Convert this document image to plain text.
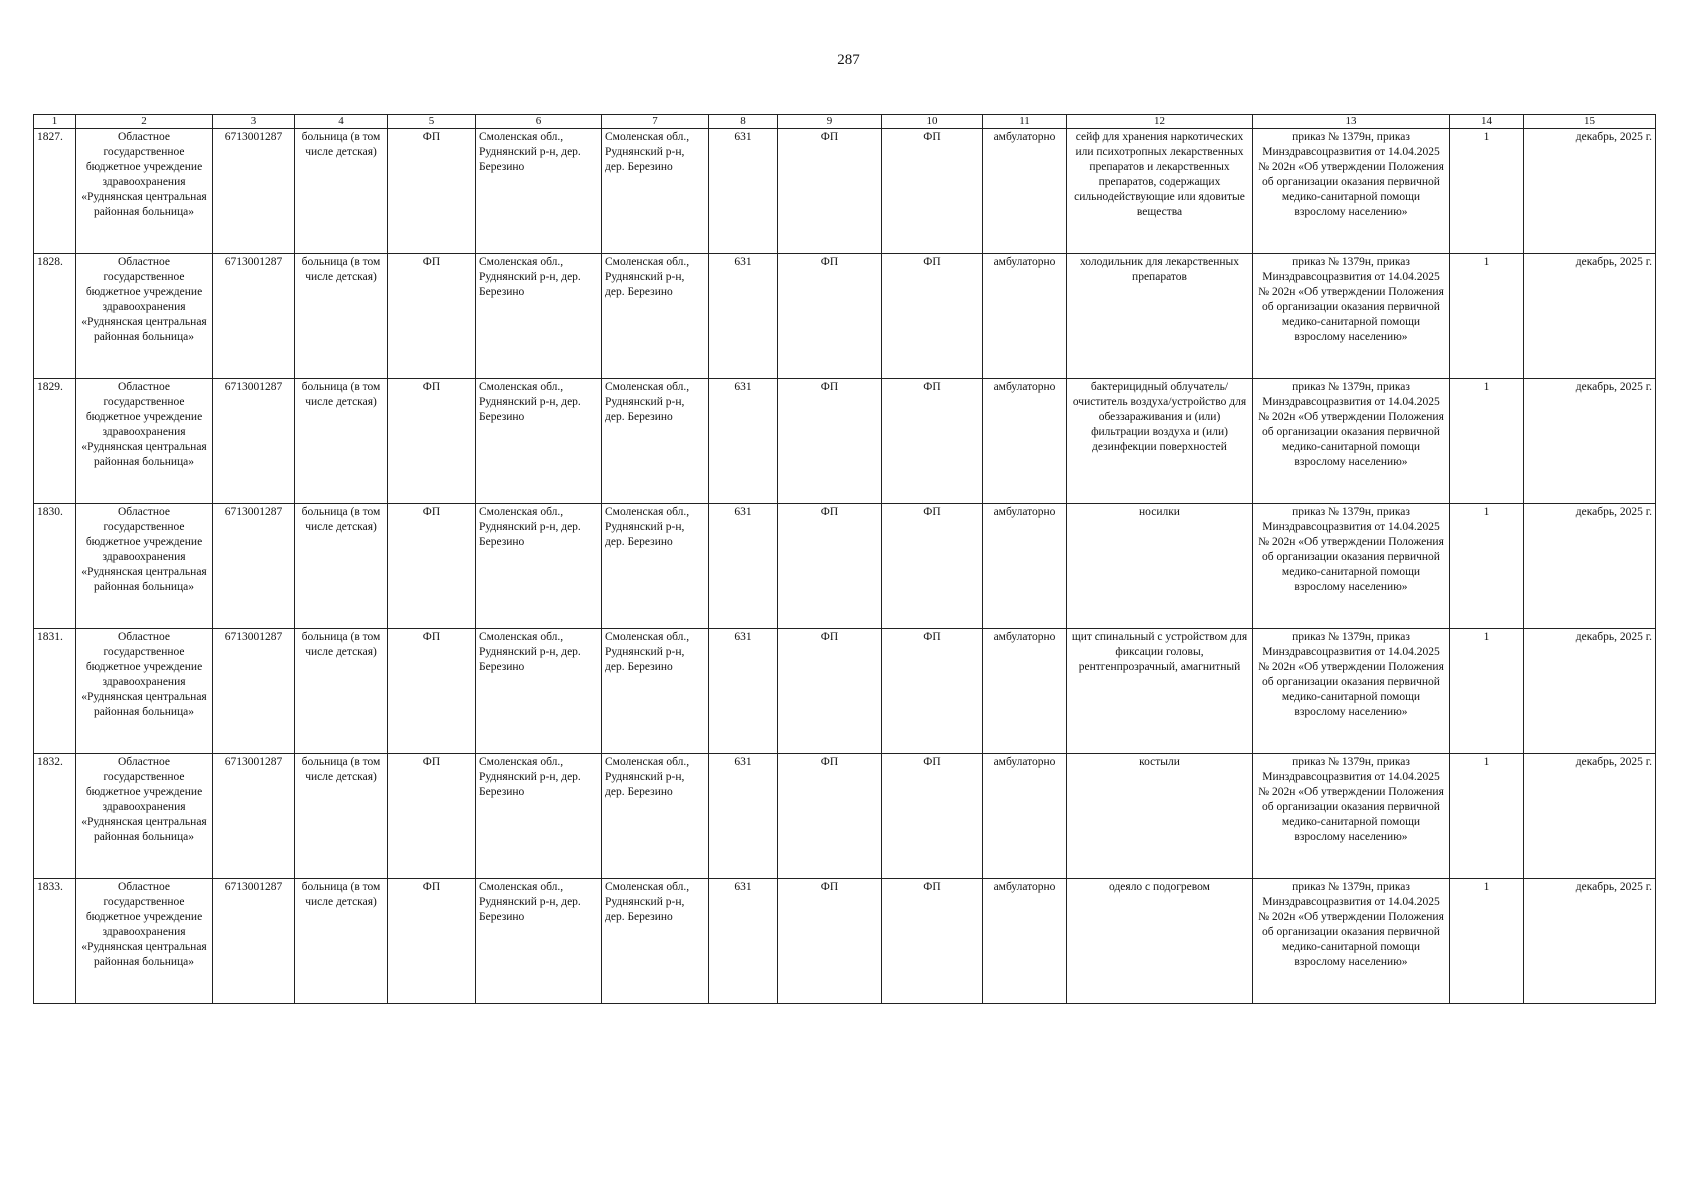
287
1	2	3	4	5	6	7	8	9	10	11	12	13	14	15
1827.	Областное государственное бюджетное учреждение здравоохранения «Руднянская центральная районная больница»	6713001287	больница (в том числе детская)	ФП	Смоленская обл., Руднянский р-н, дер. Березино	Смоленская обл., Руднянский р-н, дер. Березино	631	ФП	ФП	амбулаторно	сейф для хранения наркотических или психотропных лекарственных препаратов и лекарственных препаратов, содержащих сильнодействующие или ядовитые вещества	приказ № 1379н, приказ Минздравсоцразвития от 14.04.2025 № 202н «Об утверждении Положения об организации оказания первичной медико-санитарной помощи взрослому населению»	1	декабрь, 2025 г.
1828.	Областное государственное бюджетное учреждение здравоохранения «Руднянская центральная районная больница»	6713001287	больница (в том числе детская)	ФП	Смоленская обл., Руднянский р-н, дер. Березино	Смоленская обл., Руднянский р-н, дер. Березино	631	ФП	ФП	амбулаторно	холодильник для лекарственных препаратов	приказ № 1379н, приказ Минздравсоцразвития от 14.04.2025 № 202н «Об утверждении Положения об организации оказания первичной медико-санитарной помощи взрослому населению»	1	декабрь, 2025 г.
1829.	Областное государственное бюджетное учреждение здравоохранения «Руднянская центральная районная больница»	6713001287	больница (в том числе детская)	ФП	Смоленская обл., Руднянский р-н, дер. Березино	Смоленская обл., Руднянский р-н, дер. Березино	631	ФП	ФП	амбулаторно	бактерицидный облучатель/очиститель воздуха/устройство для обеззараживания и (или) фильтрации воздуха и (или) дезинфекции поверхностей	приказ № 1379н, приказ Минздравсоцразвития от 14.04.2025 № 202н «Об утверждении Положения об организации оказания первичной медико-санитарной помощи взрослому населению»	1	декабрь, 2025 г.
1830.	Областное государственное бюджетное учреждение здравоохранения «Руднянская центральная районная больница»	6713001287	больница (в том числе детская)	ФП	Смоленская обл., Руднянский р-н, дер. Березино	Смоленская обл., Руднянский р-н, дер. Березино	631	ФП	ФП	амбулаторно	носилки	приказ № 1379н, приказ Минздравсоцразвития от 14.04.2025 № 202н «Об утверждении Положения об организации оказания первичной медико-санитарной помощи взрослому населению»	1	декабрь, 2025 г.
1831.	Областное государственное бюджетное учреждение здравоохранения «Руднянская центральная районная больница»	6713001287	больница (в том числе детская)	ФП	Смоленская обл., Руднянский р-н, дер. Березино	Смоленская обл., Руднянский р-н, дер. Березино	631	ФП	ФП	амбулаторно	щит спинальный с устройством для фиксации головы, рентгенпрозрачный, амагнитный	приказ № 1379н, приказ Минздравсоцразвития от 14.04.2025 № 202н «Об утверждении Положения об организации оказания первичной медико-санитарной помощи взрослому населению»	1	декабрь, 2025 г.
1832.	Областное государственное бюджетное учреждение здравоохранения «Руднянская центральная районная больница»	6713001287	больница (в том числе детская)	ФП	Смоленская обл., Руднянский р-н, дер. Березино	Смоленская обл., Руднянский р-н, дер. Березино	631	ФП	ФП	амбулаторно	костыли	приказ № 1379н, приказ Минздравсоцразвития от 14.04.2025 № 202н «Об утверждении Положения об организации оказания первичной медико-санитарной помощи взрослому населению»	1	декабрь, 2025 г.
1833.	Областное государственное бюджетное учреждение здравоохранения «Руднянская центральная районная больница»	6713001287	больница (в том числе детская)	ФП	Смоленская обл., Руднянский р-н, дер. Березино	Смоленская обл., Руднянский р-н, дер. Березино	631	ФП	ФП	амбулаторно	одеяло с подогревом	приказ № 1379н, приказ Минздравсоцразвития от 14.04.2025 № 202н «Об утверждении Положения об организации оказания первичной медико-санитарной помощи взрослому населению»	1	декабрь, 2025 г.
